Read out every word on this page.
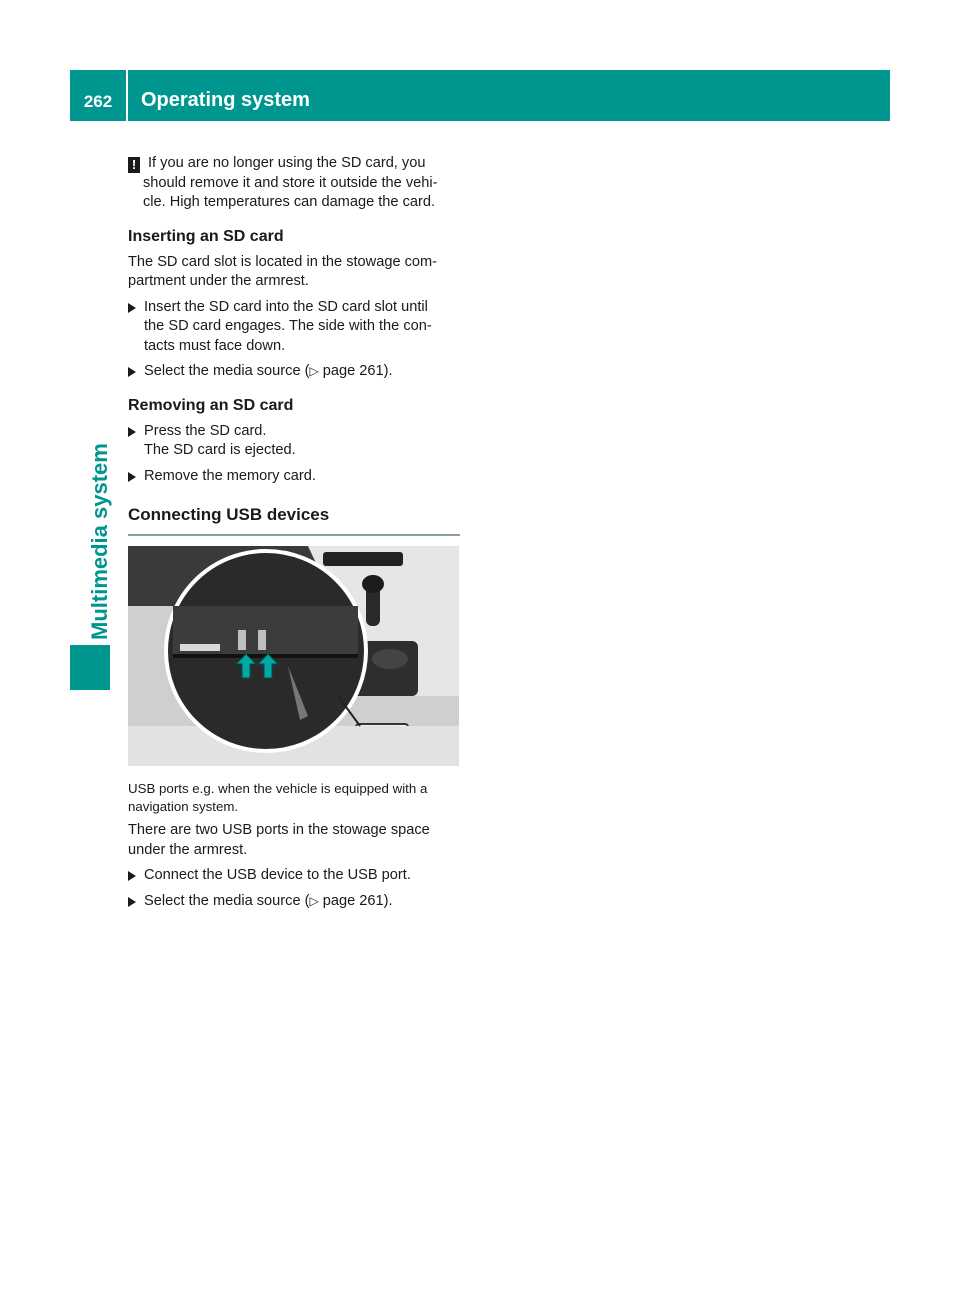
262	Operating system
Multimedia system
! If you are no longer using the SD card, you
should remove it and store it outside the vehi-
cle. High temperatures can damage the card.
Inserting an SD card

The SD card slot is located in the stowage com-
partment under the armrest.

Insert the SD card into the SD card slot until
the SD card engages. The side with the con-
tacts must face down.
Select the media source (▷ page 261).
Removing an SD card
Press the SD card.
The SD card is ejected.
Remove the memory card.
Connecting USB devices

USB ports e.g. when the vehicle is equipped with a
navigation system.

There are two USB ports in the stowage space
under the armrest.

Connect the USB device to the USB port.
Select the media source (▷ page 261).
